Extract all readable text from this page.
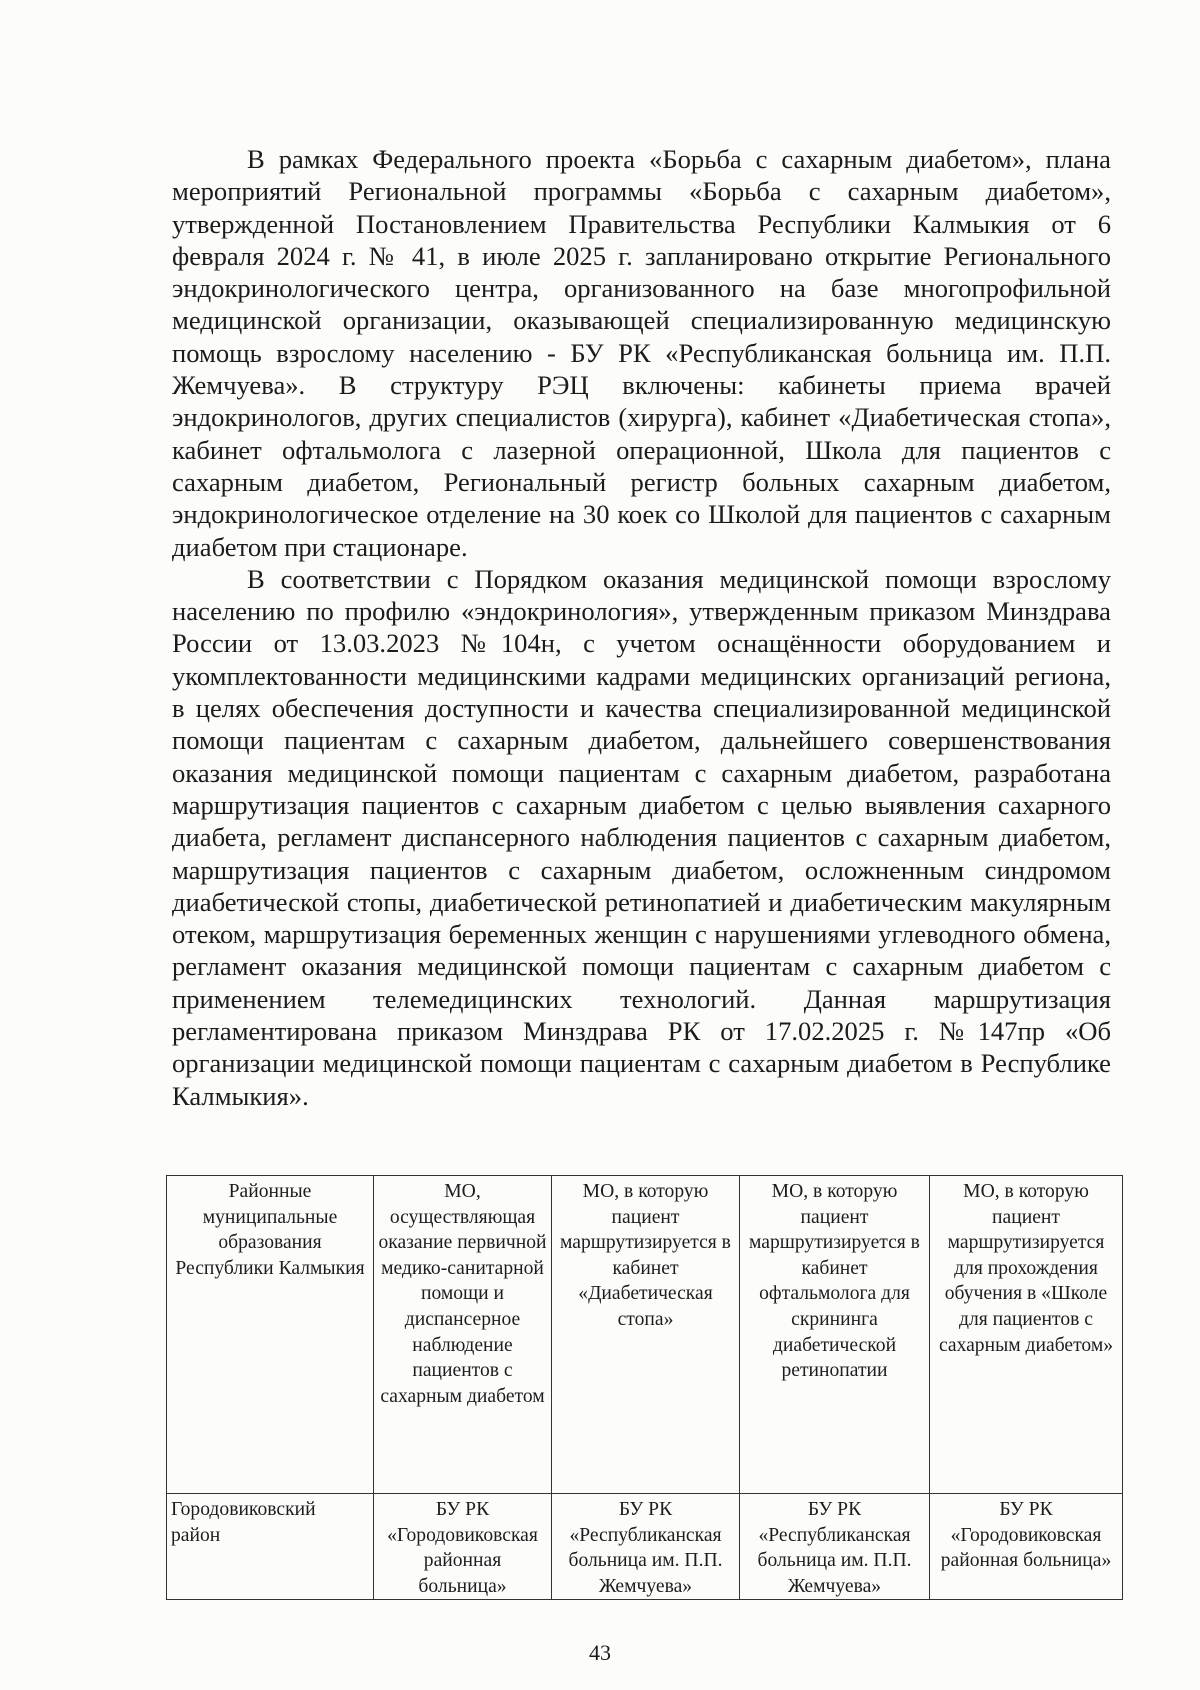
В рамках Федерального проекта «Борьба с сахарным диабетом», плана мероприятий Региональной программы «Борьба с сахарным диабетом», утвержденной Постановлением Правительства Республики Калмыкия от 6 февраля 2024 г. № 41, в июле 2025 г. запланировано открытие Регионального эндокринологического центра, организованного на базе многопрофильной медицинской организации, оказывающей специализированную медицинскую помощь взрослому населению - БУ РК «Республиканская больница им. П.П. Жемчуева». В структуру РЭЦ включены: кабинеты приема врачей эндокринологов, других специалистов (хирурга), кабинет «Диабетическая стопа», кабинет офтальмолога с лазерной операционной, Школа для пациентов с сахарным диабетом, Региональный регистр больных сахарным диабетом, эндокринологическое отделение на 30 коек со Школой для пациентов с сахарным диабетом при стационаре.

В соответствии с Порядком оказания медицинской помощи взрослому населению по профилю «эндокринология», утвержденным приказом Минздрава России от 13.03.2023 №104н, с учетом оснащённости оборудованием и укомплектованности медицинскими кадрами медицинских организаций региона, в целях обеспечения доступности и качества специализированной медицинской помощи пациентам с сахарным диабетом, дальнейшего совершенствования оказания медицинской помощи пациентам с сахарным диабетом, разработана маршрутизация пациентов с сахарным диабетом с целью выявления сахарного диабета, регламент диспансерного наблюдения пациентов с сахарным диабетом, маршрутизация пациентов с сахарным диабетом, осложненным синдромом диабетической стопы, диабетической ретинопатией и диабетическим макулярным отеком, маршрутизация беременных женщин с нарушениями углеводного обмена, регламент оказания медицинской помощи пациентам с сахарным диабетом с применением телемедицинских технологий. Данная маршрутизация регламентирована приказом Минздрава РК от 17.02.2025 г. №147пр «Об организации медицинской помощи пациентам с сахарным диабетом в Республике Калмыкия».

Районные муниципальные образования Республики Калмыкия	МО, осуществляющая оказание первичной медико-санитарной помощи и диспансерное наблюдение пациентов с сахарным диабетом	МО, в которую пациент маршрутизируется в кабинет «Диабетическая стопа»	МО, в которую пациент маршрутизируется в кабинет офтальмолога для скрининга диабетической ретинопатии	МО, в которую пациент маршрутизируется для прохождения обучения в «Школе для пациентов с сахарным диабетом»
Городовиковский район	БУ РК «Городовиковская районная больница»	БУ РК «Республиканская больница им. П.П. Жемчуева»	БУ РК «Республиканская больница им. П.П. Жемчуева»	БУ РК «Городовиковская районная больница»
43
